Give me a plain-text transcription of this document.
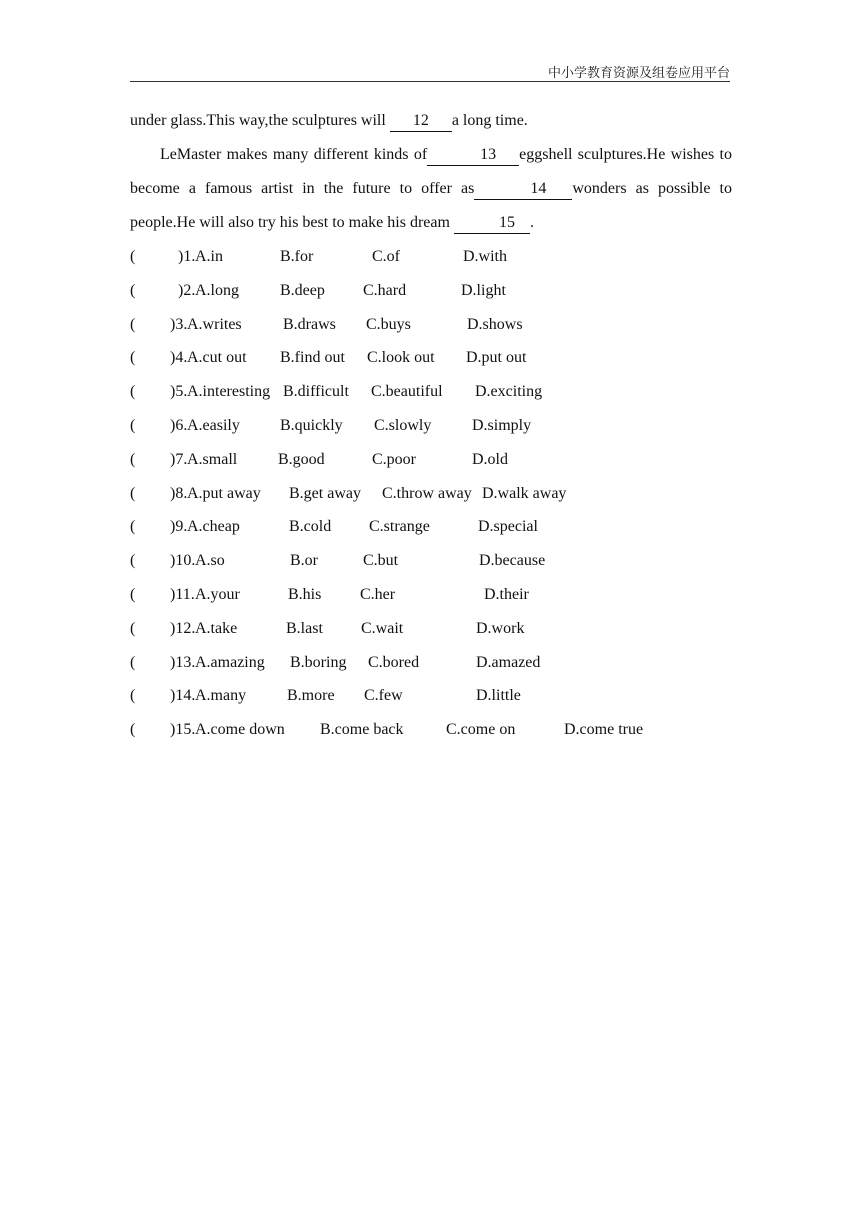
中小学教育资源及组卷应用平台

under glass.This way,the sculptures will 12 a long time.

LeMaster makes many different kinds of	13 eggshell sculptures.He wishes to become a famous artist in the future to offer as	14 wonders as possible to people.He will also try his best to make his dream	15 .

(	)1. A.in	B.for	C.of	D.with
(	)2. A.long	B.deep C.hard	D.light
( )3. A.writes	B.draws C.buys	D.shows
( )4. A.cut out B.find out C.look out D.put out
( )5. A.interesting B.difficult C.beautiful D.exciting
( )6. A.easily	B.quickly C.slowly	D.simply
( )7. A.small	B.good	C.poor	D.old
( )8. A.put away B.get away C.throw away D.walk away
( )9. A.cheap	B.cold C.strange	D.special
( )10. A.so	B.or	C.but	D.because
( )11. A.your	B.his C.her	D.their
( )12. A.take	B.last C.wait	D.work
( )13. A.amazing B.boring C.bored	D.amazed
( )14. A.many	B.more C.few	D.little
( )15. A.come down B.come back	C.come on	D.come true
